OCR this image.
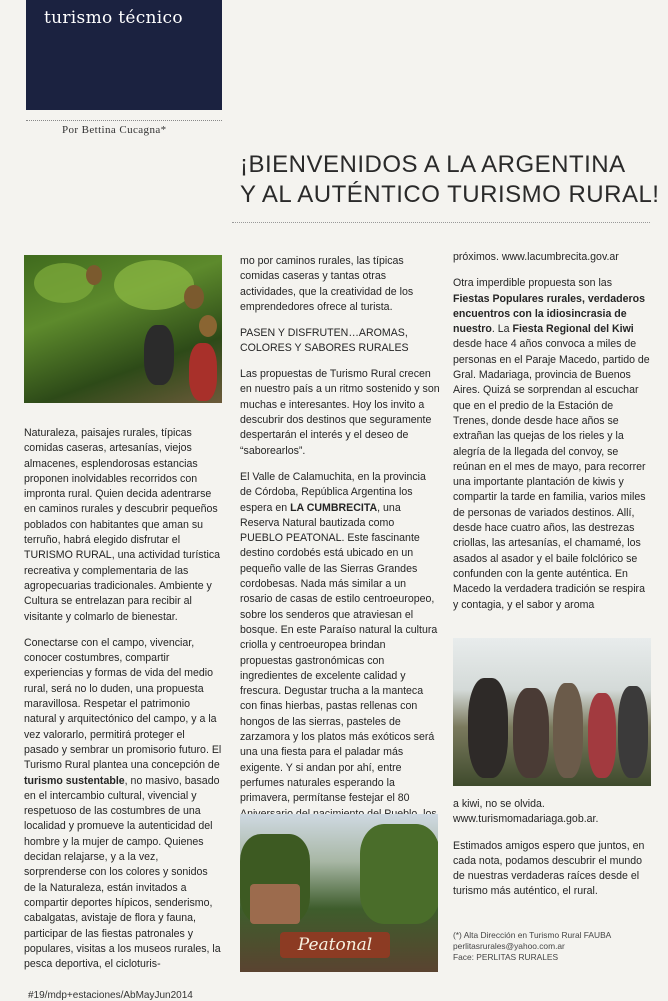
turismo técnico
Por Bettina Cucagna*
¡BIENVENIDOS A LA ARGENTINA
Y AL AUTÉNTICO TURISMO RURAL!

Naturaleza, paisajes rurales, típicas comidas caseras, artesanías, viejos almacenes, esplendorosas estancias proponen inolvidables recorridos con impronta rural. Quien decida adentrarse en caminos rurales y descubrir pequeños poblados con habitantes que aman su terruño, habrá elegido disfrutar el TURISMO RURAL, una actividad turística recreativa y complementaria de las agropecuarias tradicionales. Ambiente y Cultura se entrelazan para recibir al visitante y colmarlo de bienestar.

Conectarse con el campo, vivenciar, conocer costumbres, compartir experiencias y formas de vida del medio rural, será no lo duden, una propuesta maravillosa. Respetar el patrimonio natural y arquitectónico del campo, y a la vez valorarlo, permitirá proteger el pasado y sembrar un promisorio futuro. El Turismo Rural plantea una concepción de turismo sustentable, no masivo, basado en el intercambio cultural, vivencial y respetuoso de las costumbres de una localidad y promueve la autenticidad del hombre y la mujer de campo. Quienes decidan relajarse, y a la vez, sorprenderse con los colores y sonidos de la Naturaleza, están invitados a compartir deportes hípicos, senderismo, cabalgatas, avistaje de flora y fauna, participar de las fiestas patronales y populares, visitas a los museos rurales, la pesca deportiva, el cicloturis-

mo por caminos rurales, las típicas comidas caseras y tantas otras actividades, que la creatividad de los emprendedores ofrece al turista.

PASEN Y DISFRUTEN…AROMAS, COLORES Y SABORES RURALES

Las propuestas de Turismo Rural crecen en nuestro país a un ritmo sostenido y son muchas e interesantes. Hoy los invito a descubrir dos destinos que seguramente despertarán el interés y el deseo de “saborearlos”.

El Valle de Calamuchita, en la provincia de Córdoba, República Argentina los espera en LA CUMBRECITA, una Reserva Natural bautizada como PUEBLO PEATONAL. Este fascinante destino cordobés está ubicado en un pequeño valle de las Sierras Grandes cordobesas. Nada más similar a un rosario de casas de estilo centroeuropeo, sobre los senderos que atraviesan el bosque. En este Paraíso natural la cultura criolla y centroeuropea brindan propuestas gastronómicas con ingredientes de excelente calidad y frescura. Degustar trucha a la manteca con finas hierbas, pastas rellenas con hongos de las sierras, pasteles de zarzamora y los platos más exóticos será una una fiesta para el paladar más exigente. Y si andan por ahí, entre perfumes naturales esperando la primavera, permítanse festejar el 80

Peatonal

próximos. www.lacumbrecita.gov.ar

Otra imperdible propuesta son las Fiestas Populares rurales, verdaderos encuentros con la idiosincrasia de nuestro. La Fiesta Regional del Kiwi desde hace 4 años convoca a miles de personas en el Paraje Macedo, partido de Gral. Madariaga, provincia de Buenos Aires. Quizá se sorprendan al escuchar que en el predio de la Estación de Trenes, donde desde hace años se extrañan las quejas de los rieles y la alegría de la llegada del convoy, se reúnan en el mes de mayo, para recorrer una importante plantación de kiwis y compartir la tarde en familia, varios miles de personas de variados destinos. Allí, desde hace cuatro años, las destrezas criollas, las artesanías, el chamamé, los asados al asador y el baile folclórico se confunden con la gente auténtica. En Macedo la verdadera tradición se respira y contagia, y el sabor y aroma

a kiwi, no se olvida. www.turismomadariaga.gob.ar.

Estimados amigos espero que juntos, en cada nota, podamos descubrir el mundo de nuestras verdaderas raíces desde el turismo más auténtico, el rural.

(*) Alta Dirección en Turismo Rural FAUBA
perlitasrurales@yahoo.com.ar
Face: PERLITAS RURALES
#19/mdp+estaciones/AbMayJun2014
